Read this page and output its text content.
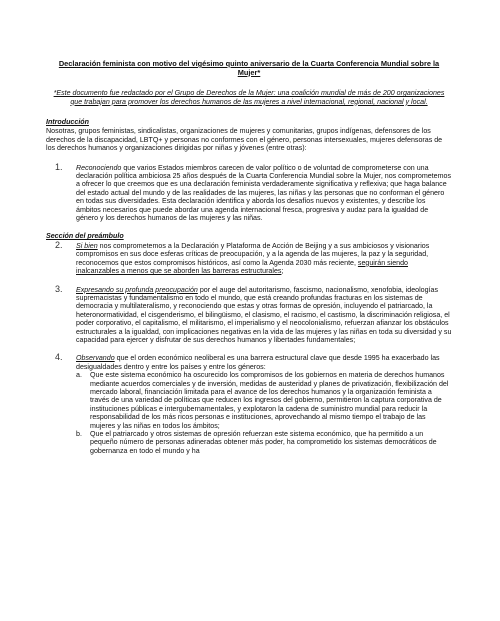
Declaración feminista con motivo del vigésimo quinto aniversario de la Cuarta Conferencia Mundial sobre la Mujer*
*Este documento fue redactado por el Grupo de Derechos de la Mujer: una coalición mundial de más de 200 organizaciones que trabajan para promover los derechos humanos de las mujeres a nivel internacional, regional, nacional y local.
Introducción
Nosotras, grupos feministas, sindicalistas, organizaciones de mujeres y comunitarias, grupos indígenas, defensores de los derechos de la discapacidad, LBTQ+ y personas no conformes con el género, personas intersexuales, mujeres defensoras de los derechos humanos y organizaciones dirigidas por niñas y jóvenes (entre otras):
1. Reconociendo que varios Estados miembros carecen de valor político o de voluntad de comprometerse con una declaración política ambiciosa 25 años después de la Cuarta Conferencia Mundial sobre la Mujer, nos comprometemos a ofrecer lo que creemos que es una declaración feminista verdaderamente significativa y reflexiva; que haga balance del estado actual del mundo y de las realidades de las mujeres, las niñas y las personas que no conforman el género en todas sus diversidades. Esta declaración identifica y aborda los desafíos nuevos y existentes, y describe los ámbitos necesarios que puede abordar una agenda internacional fresca, progresiva y audaz para la igualdad de género y los derechos humanos de las mujeres y las niñas.
Sección del preámbulo
2. Si bien nos comprometemos a la Declaración y Plataforma de Acción de Beijing y a sus ambiciosos y visionarios compromisos en sus doce esferas críticas de preocupación, y a la agenda de las mujeres, la paz y la seguridad, reconocemos que estos compromisos históricos, así como la Agenda 2030 más reciente, seguirán siendo inalcanzables a menos que se aborden las barreras estructurales;
3. Expresando su profunda preocupación por el auge del autoritarismo, fascismo, nacionalismo, xenofobia, ideologías supremacistas y fundamentalismo en todo el mundo, que está creando profundas fracturas en los sistemas de democracia y multilateralismo, y reconociendo que estas y otras formas de opresión, incluyendo el patriarcado, la heteronormatividad, el cisgenderismo, el bilingüismo, el clasismo, el racismo, el castismo, la discriminación religiosa, el poder corporativo, el capitalismo, el militarismo, el imperialismo y el neocolonialismo, refuerzan afianzar los obstáculos estructurales a la igualdad, con implicaciones negativas en la vida de las mujeres y las niñas en toda su diversidad y su capacidad para ejercer y disfrutar de sus derechos humanos y libertades fundamentales;
4. Observando que el orden económico neoliberal es una barrera estructural clave que desde 1995 ha exacerbado las desigualdades dentro y entre los países y entre los géneros:
a. Que este sistema económico ha oscurecido los compromisos de los gobiernos en materia de derechos humanos mediante acuerdos comerciales y de inversión, medidas de austeridad y planes de privatización, flexibilización del mercado laboral, financiación limitada para el avance de los derechos humanos y la organización feminista a través de una variedad de políticas que reducen los ingresos del gobierno, permitieron la captura corporativa de instituciones públicas e intergubernamentales, y explotaron la cadena de suministro mundial para reducir la responsabilidad de los más ricos personas e instituciones, aprovechando al mismo tiempo el trabajo de las mujeres y las niñas en todos los ámbitos;
b. Que el patriarcado y otros sistemas de opresión refuerzan este sistema económico, que ha permitido a un pequeño número de personas adineradas obtener más poder, ha comprometido los sistemas democráticos de gobernanza en todo el mundo y ha
